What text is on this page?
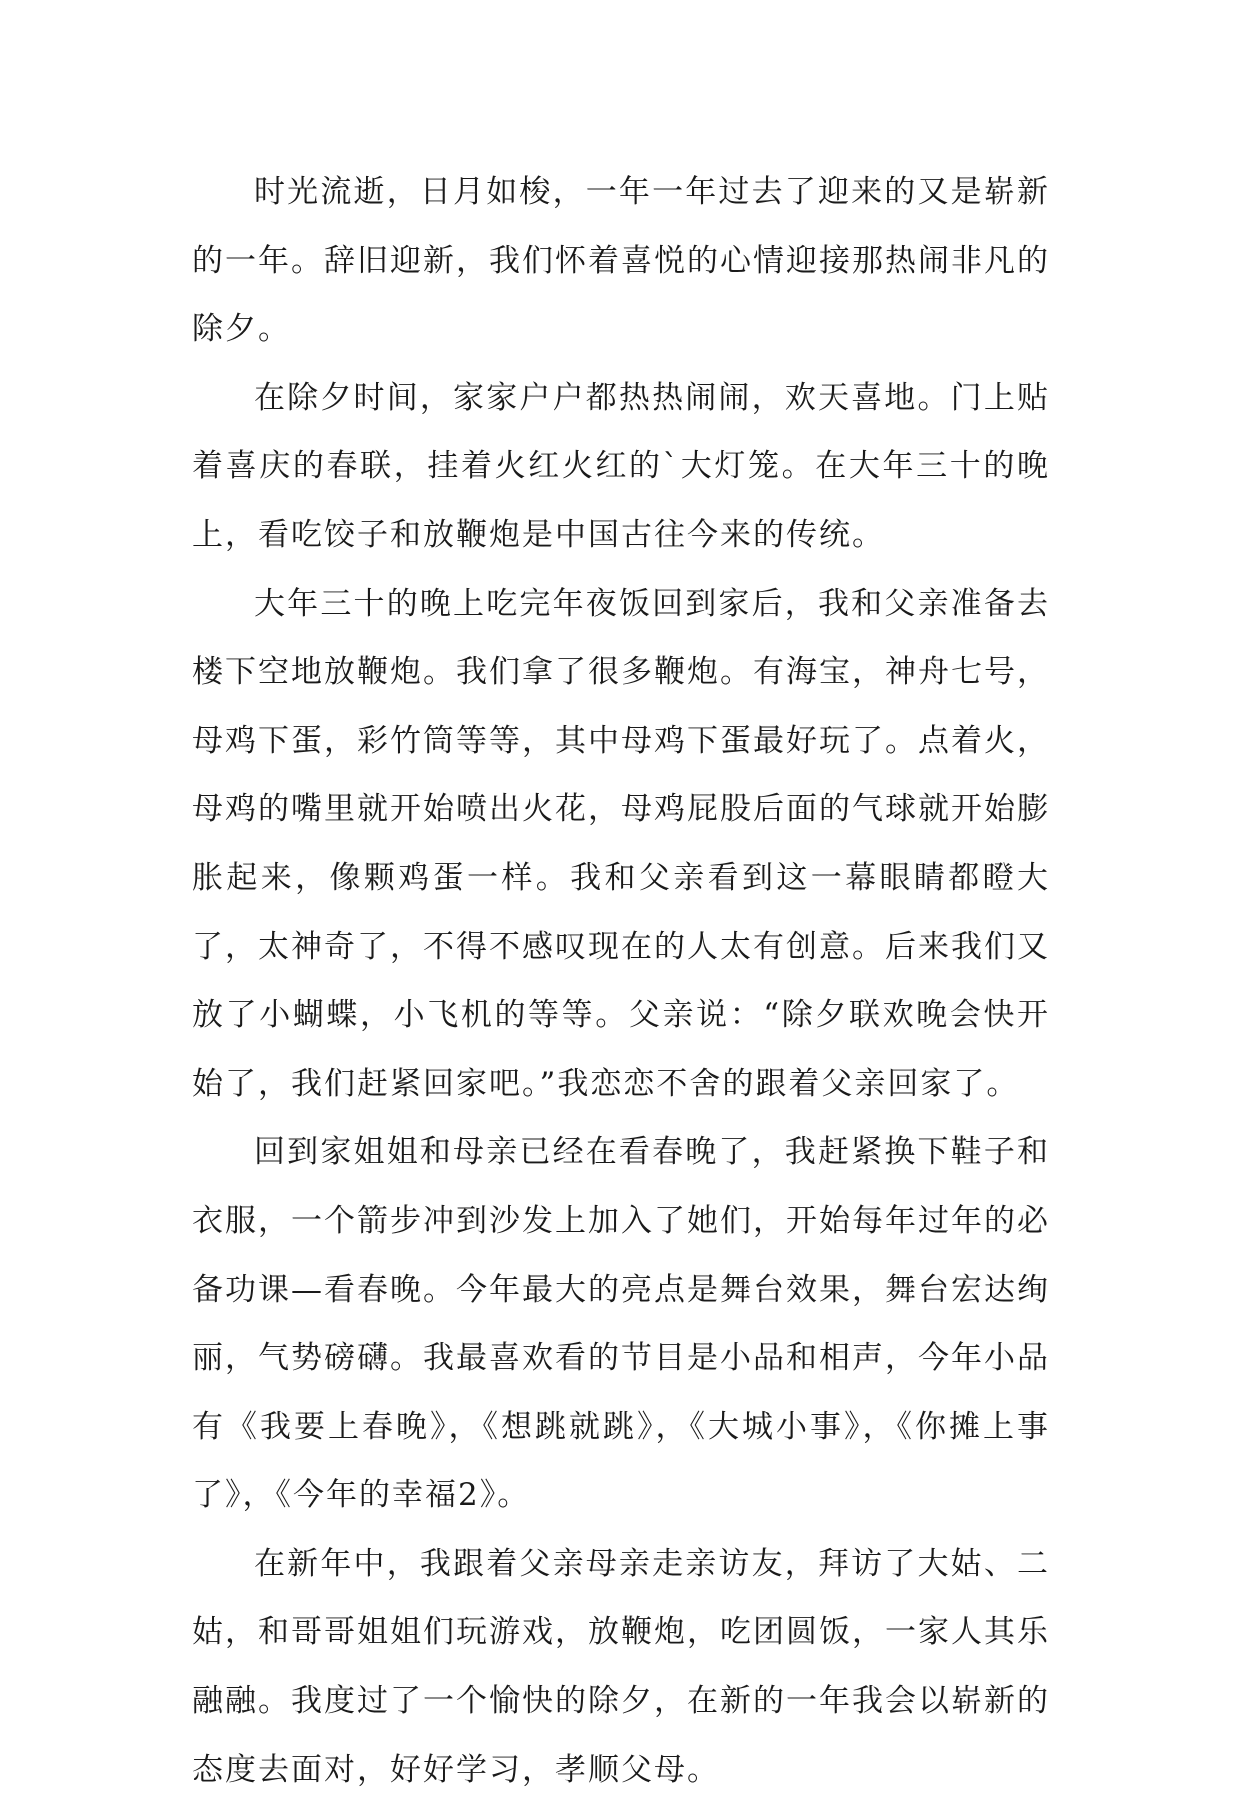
时光流逝，日月如梭，一年一年过去了迎来的又是崭新的一年。辞旧迎新，我们怀着喜悦的心情迎接那热闹非凡的除夕。

在除夕时间，家家户户都热热闹闹，欢天喜地。门上贴着喜庆的春联，挂着火红火红的`大灯笼。在大年三十的晚上，看吃饺子和放鞭炮是中国古往今来的传统。

大年三十的晚上吃完年夜饭回到家后，我和父亲准备去楼下空地放鞭炮。我们拿了很多鞭炮。有海宝，神舟七号，母鸡下蛋，彩竹筒等等，其中母鸡下蛋最好玩了。点着火，母鸡的嘴里就开始喷出火花，母鸡屁股后面的气球就开始膨胀起来，像颗鸡蛋一样。我和父亲看到这一幕眼睛都瞪大了，太神奇了，不得不感叹现在的人太有创意。后来我们又放了小蝴蝶，小飞机的等等。父亲说：“除夕联欢晚会快开始了，我们赶紧回家吧。”我恋恋不舍的跟着父亲回家了。

回到家姐姐和母亲已经在看春晚了，我赶紧换下鞋子和衣服，一个箭步冲到沙发上加入了她们，开始每年过年的必备功课—看春晚。今年最大的亮点是舞台效果，舞台宏达绚丽，气势磅礴。我最喜欢看的节目是小品和相声，今年小品有《我要上春晚》，《想跳就跳》，《大城小事》，《你摊上事了》，《今年的幸福2》。

在新年中，我跟着父亲母亲走亲访友，拜访了大姑、二姑，和哥哥姐姐们玩游戏，放鞭炮，吃团圆饭，一家人其乐融融。我度过了一个愉快的除夕，在新的一年我会以崭新的态度去面对，好好学习，孝顺父母。
